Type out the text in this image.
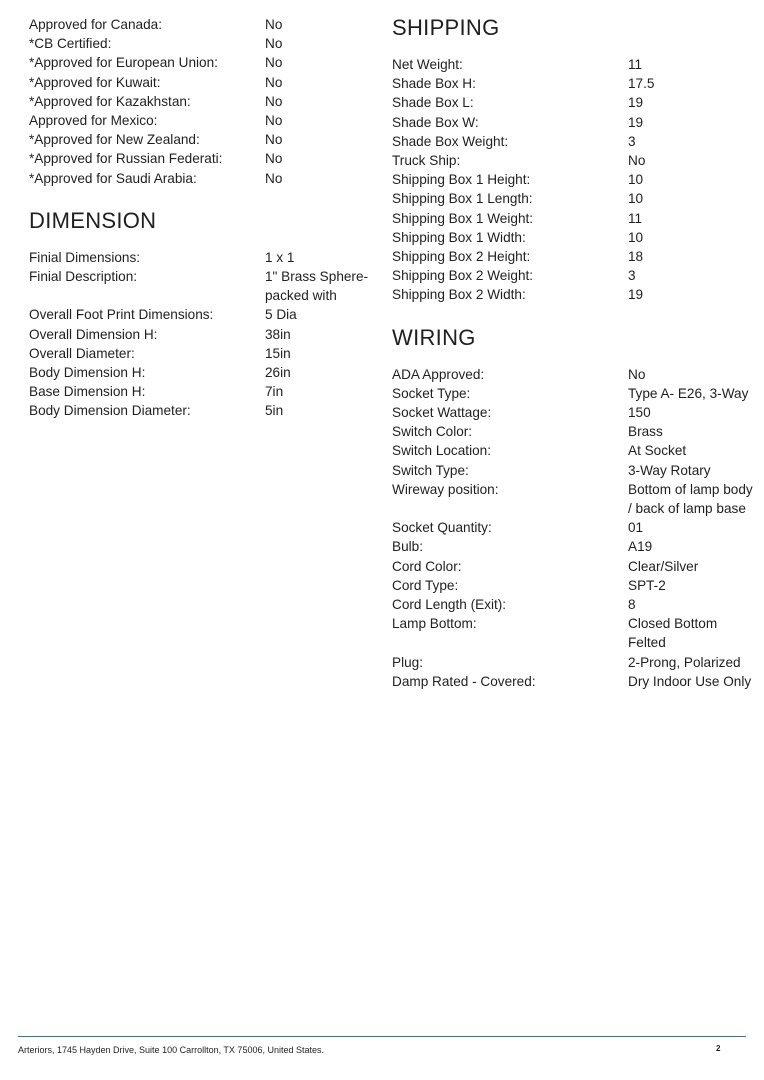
Approved for Canada:	No
*CB Certified:	No
*Approved for European Union:	No
*Approved for Kuwait:	No
*Approved for Kazakhstan:	No
Approved for Mexico:	No
*Approved for New Zealand:	No
*Approved for Russian Federati:	No
*Approved for Saudi Arabia:	No
DIMENSION
Finial Dimensions:	1 x 1
Finial Description:	1" Brass Sphere- packed with
Overall Foot Print Dimensions:	5 Dia
Overall Dimension H:	38in
Overall Diameter:	15in
Body Dimension H:	26in
Base Dimension H:	7in
Body Dimension Diameter:	5in
SHIPPING
Net Weight:	11
Shade Box H:	17.5
Shade Box L:	19
Shade Box W:	19
Shade Box Weight:	3
Truck Ship:	No
Shipping Box 1 Height:	10
Shipping Box 1 Length:	10
Shipping Box 1 Weight:	11
Shipping Box 1 Width:	10
Shipping Box 2 Height:	18
Shipping Box 2 Weight:	3
Shipping Box 2 Width:	19
WIRING
ADA Approved:	No
Socket Type:	Type A- E26, 3-Way
Socket Wattage:	150
Switch Color:	Brass
Switch Location:	At Socket
Switch Type:	3-Way Rotary
Wireway position:	Bottom of lamp body / back of lamp base
Socket Quantity:	01
Bulb:	A19
Cord Color:	Clear/Silver
Cord Type:	SPT-2
Cord Length (Exit):	8
Lamp Bottom:	Closed Bottom Felted
Plug:	2-Prong, Polarized
Damp Rated - Covered:	Dry Indoor Use Only
Arteriors, 1745 Hayden Drive, Suite 100 Carrollton, TX 75006, United States.	2
